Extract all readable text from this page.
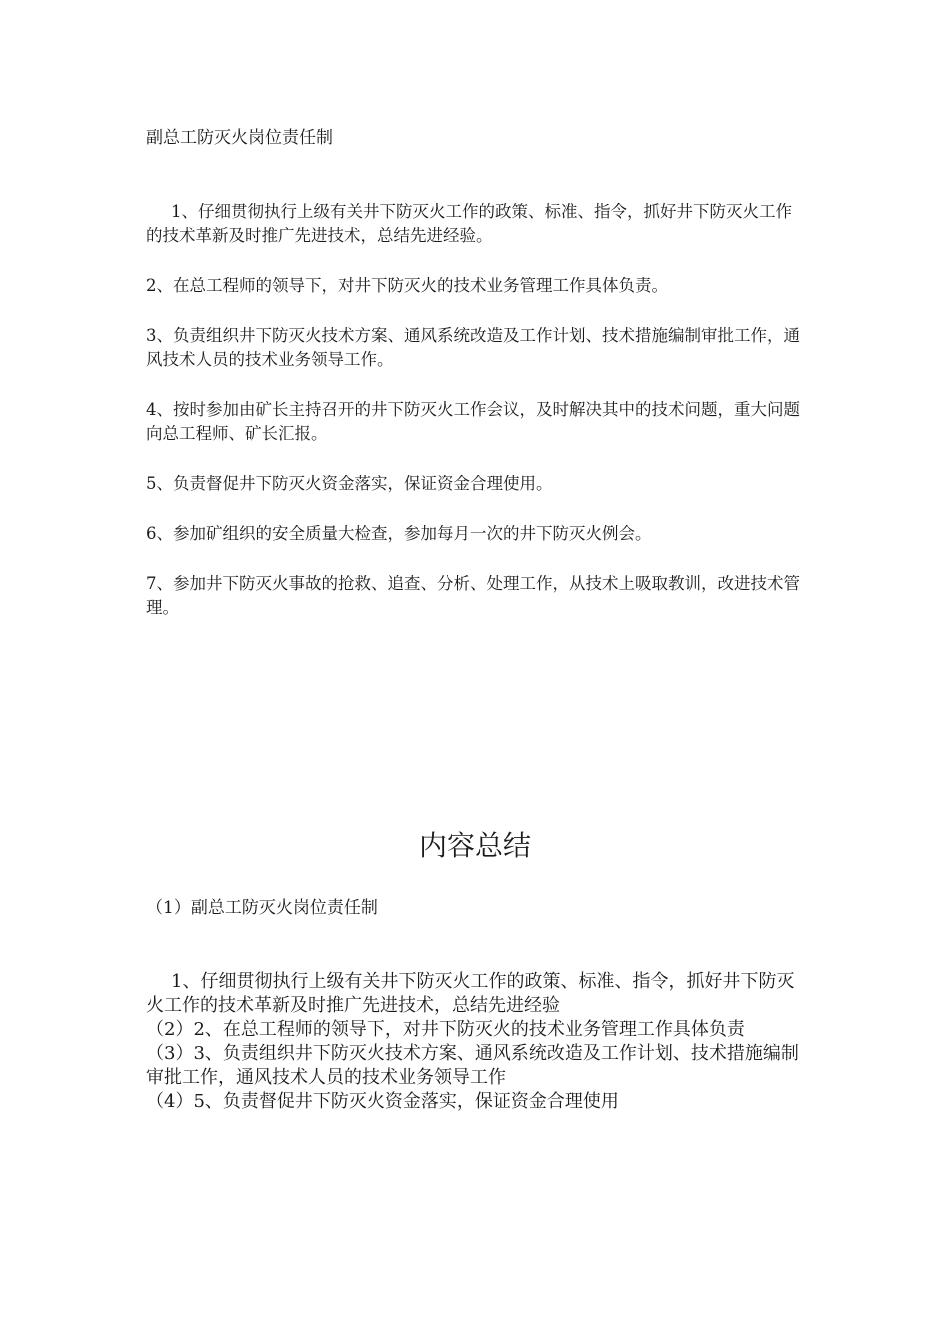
副总工防灭火岗位责任制

1、仔细贯彻执行上级有关井下防灭火工作的政策、标准、指令，抓好井下防灭火工作的技术革新及时推广先进技术，总结先进经验。

2、在总工程师的领导下，对井下防灭火的技术业务管理工作具体负责。

3、负责组织井下防灭火技术方案、通风系统改造及工作计划、技术措施编制审批工作，通风技术人员的技术业务领导工作。

4、按时参加由矿长主持召开的井下防灭火工作会议，及时解决其中的技术问题，重大问题向总工程师、矿长汇报。

5、负责督促井下防灭火资金落实，保证资金合理使用。

6、参加矿组织的安全质量大检查，参加每月一次的井下防灭火例会。

7、参加井下防灭火事故的抢救、追查、分析、处理工作，从技术上吸取教训，改进技术管理。

内容总结

（1）副总工防灭火岗位责任制

1、仔细贯彻执行上级有关井下防灭火工作的政策、标准、指令，抓好井下防灭火工作的技术革新及时推广先进技术，总结先进经验

（2）2、在总工程师的领导下，对井下防灭火的技术业务管理工作具体负责

（3）3、负责组织井下防灭火技术方案、通风系统改造及工作计划、技术措施编制审批工作，通风技术人员的技术业务领导工作

（4）5、负责督促井下防灭火资金落实，保证资金合理使用
